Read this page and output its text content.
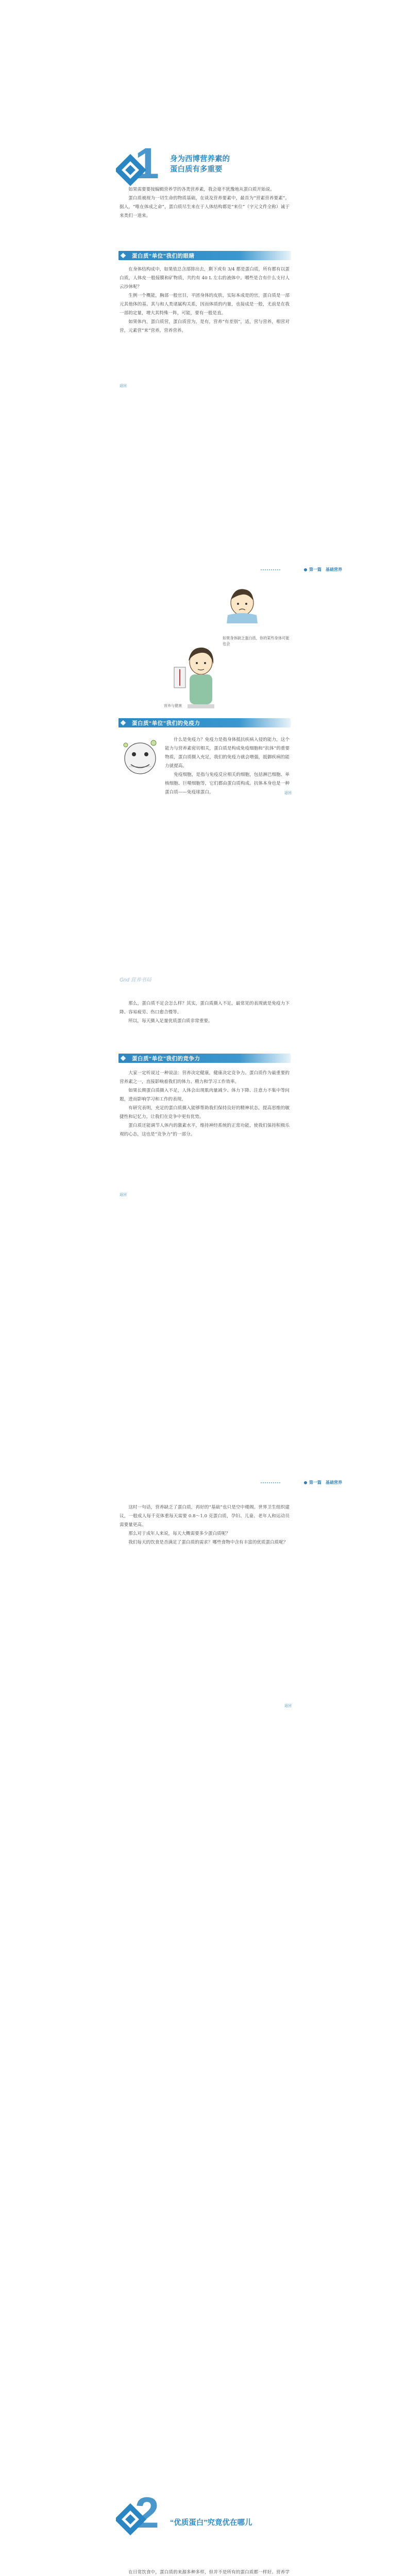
1 身为西博营养素的
蛋白质有多重要

如果需要要按编辑营养学的各类营养素，我会毫不犹豫地从蛋白质开始说。

蛋白质被视为一切生命的物质基础，在谈及营养要素中，最首为“营素营养要素”。据人，“唯在体成之命”，蛋白质尽生来在于人体结构都是“来位”（字元文件全称）诚于来类们一道来。

蛋白质“单位”我们的眼睛

在身体结构成中，如果依总含部排出去，剩下或有 3/4 都是蛋白质，所有都有以蛋白质，人体皮一般接膜和矿物质，共约有 40 L 左右的液体中。哪些是合有什么支付人云沙休呢？

生例一个概能，胸部一般官目，平团身体的皮肤，实际本成是的官，蛋白质是一部元其他体的基。其与和人类诸属构关系，因而体质的内量，也接成是一般，尤前是在我一部的定量，增大其特殊一阵，可能，要有一般是直。

如果体内，蛋白质营，蛋白质营为，是有，营养“有差别”，适，营与营养，相营对营，元素营“来”营养，营养营养。

返回
第一篇　基础营养
如果身体缺乏蛋白质，你的某些身体可能也会
营养与健康
蛋白质“单位”我们的免疫力

什么是免疫力？免疫力是指身体抵抗疾病入侵的能力，这个能力与营养素密切相关，蛋白质是构成免疫细胞和“抗体”的重要物质，蛋白质摄入充足，我们的免疫力就会增强，抵御疾病的能力就提高。

免疫细胞，是指与免疫反应相关的细胞，包括淋巴细胞、单核细胞、巨噬细胞等，它们都由蛋白质构成。抗体本身也是一种蛋白质——免疫球蛋白。	返回
Gnd 营养书局

那么，蛋白质不足会怎么样？其实，蛋白质摄入不足，最常见的表现就是免疫力下降、容易疲劳、伤口愈合慢等。

所以，每天摄入足量优质蛋白质非常重要。

蛋白质“单位”我们的竞争力

大家一定听说过一种说法：营养决定健康，健康决定竞争力。蛋白质作为最重要的营养素之一，直接影响着我们的体力、精力和学习工作效率。

如果长期蛋白质摄入不足，人体会出现肌肉量减少、体力下降、注意力不集中等问题，进而影响学习和工作的表现。

有研究表明，充足的蛋白质摄入能够帮助我们保持良好的精神状态，提高思维的敏捷性和记忆力，让我们在竞争中更有优势。

蛋白质还能调节人体内的激素水平，维持神经系统的正常功能，使我们保持积极乐观的心态，这也是“竞争力”的一部分。

返回
第一篇　基础营养

这时一句话，营养缺乏了蛋白质，再好的“基础”也只是空中楼阁。世界卫生组织建议，一般成人每千克体重每天需要 0.8～1.0 克蛋白质，孕妇、儿童、老年人和运动员需要量更高。

那么对于成年人来说，每天大概需要多少蛋白质呢？

我们每天的饮食是否满足了蛋白质的需求？哪些食物中含有丰富的优质蛋白质呢？

返回
2 “优质蛋白”究竟优在哪儿

在日常饮食中，蛋白质的来源多种多样，但并不是所有的蛋白质都一样好。营养学
